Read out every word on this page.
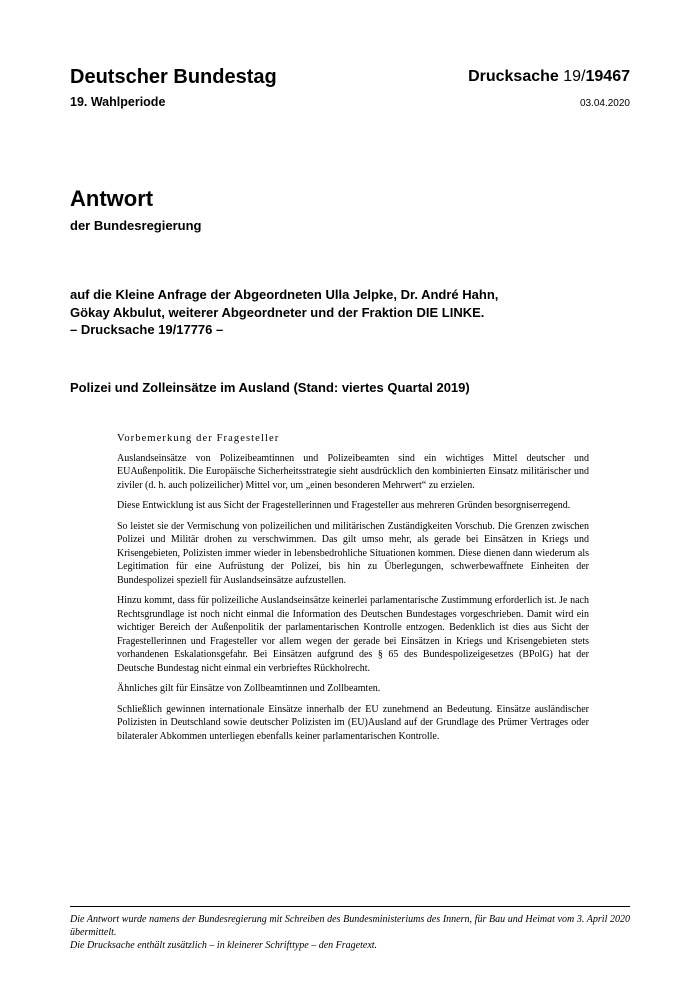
Deutscher Bundestag
19. Wahlperiode
Drucksache 19/19467
03.04.2020
Antwort
der Bundesregierung
auf die Kleine Anfrage der Abgeordneten Ulla Jelpke, Dr. André Hahn,
Gökay Akbulut, weiterer Abgeordneter und der Fraktion DIE LINKE.
– Drucksache 19/17776 –
Polizei und Zolleinsätze im Ausland (Stand: viertes Quartal 2019)
Vorbemerkung der Fragesteller

Auslandseinsätze von Polizeibeamtinnen und Polizeibeamten sind ein wichtiges Mittel deutscher und EUAußenpolitik. Die Europäische Sicherheitsstrategie sieht ausdrücklich den kombinierten Einsatz militärischer und ziviler (d. h. auch polizeilicher) Mittel vor, um „einen besonderen Mehrwert“ zu erzielen.

Diese Entwicklung ist aus Sicht der Fragestellerinnen und Fragesteller aus mehreren Gründen besorgniserregend.

So leistet sie der Vermischung von polizeilichen und militärischen Zuständigkeiten Vorschub. Die Grenzen zwischen Polizei und Militär drohen zu verschwimmen. Das gilt umso mehr, als gerade bei Einsätzen in Kriegs und Krisengebieten, Polizisten immer wieder in lebensbedrohliche Situationen kommen. Diese dienen dann wiederum als Legitimation für eine Aufrüstung der Polizei, bis hin zu Überlegungen, schwerbewaffnete Einheiten der Bundespolizei speziell für Auslandseinsätze aufzustellen.

Hinzu kommt, dass für polizeiliche Auslandseinsätze keinerlei parlamentarische Zustimmung erforderlich ist. Je nach Rechtsgrundlage ist noch nicht einmal die Information des Deutschen Bundestages vorgeschrieben. Damit wird ein wichtiger Bereich der Außenpolitik der parlamentarischen Kontrolle entzogen. Bedenklich ist dies aus Sicht der Fragestellerinnen und Fragesteller vor allem wegen der gerade bei Einsätzen in Kriegs und Krisengebieten stets vorhandenen Eskalationsgefahr. Bei Einsätzen aufgrund des § 65 des Bundespolizeigesetzes (BPolG) hat der Deutsche Bundestag nicht einmal ein verbrieftes Rückholrecht.

Ähnliches gilt für Einsätze von Zollbeamtinnen und Zollbeamten.

Schließlich gewinnen internationale Einsätze innerhalb der EU zunehmend an Bedeutung. Einsätze ausländischer Polizisten in Deutschland sowie deutscher Polizisten im (EU)Ausland auf der Grundlage des Prümer Vertrages oder bilateraler Abkommen unterliegen ebenfalls keiner parlamentarischen Kontrolle.

Die Antwort wurde namens der Bundesregierung mit Schreiben des Bundesministeriums des Innern, für Bau und Heimat vom 3. April 2020 übermittelt.

Die Drucksache enthält zusätzlich – in kleinerer Schrifttype – den Fragetext.
